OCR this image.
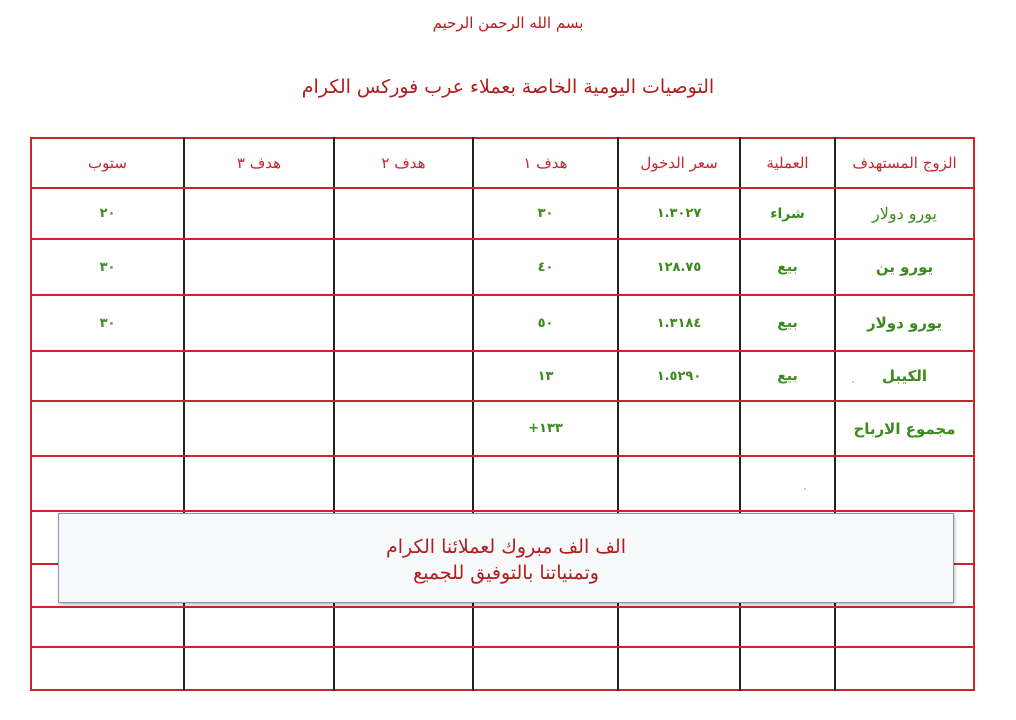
بسم الله الرحمن الرحيم
التوصيات اليومية الخاصة بعملاء عرب فوركس الكرام
الزوج المستهدف
العملية
سعر الدخول
هدف ١
هدف ٢
هدف ٣
ستوب
يورو دولار
شراء
١.٣٠٢٧
٣٠
٢٠
يورو ين
بيع
١٢٨.٧٥
٤٠
٣٠
يورو دولار
بيع
١.٣١٨٤
٥٠
٣٠
الكيبل
بيع
١.٥٢٩٠
١٣
مجموع الارباح
١٣٣+
الف الف مبروك لعملائنا الكرام
وتمنياتنا بالتوفيق للجميع
